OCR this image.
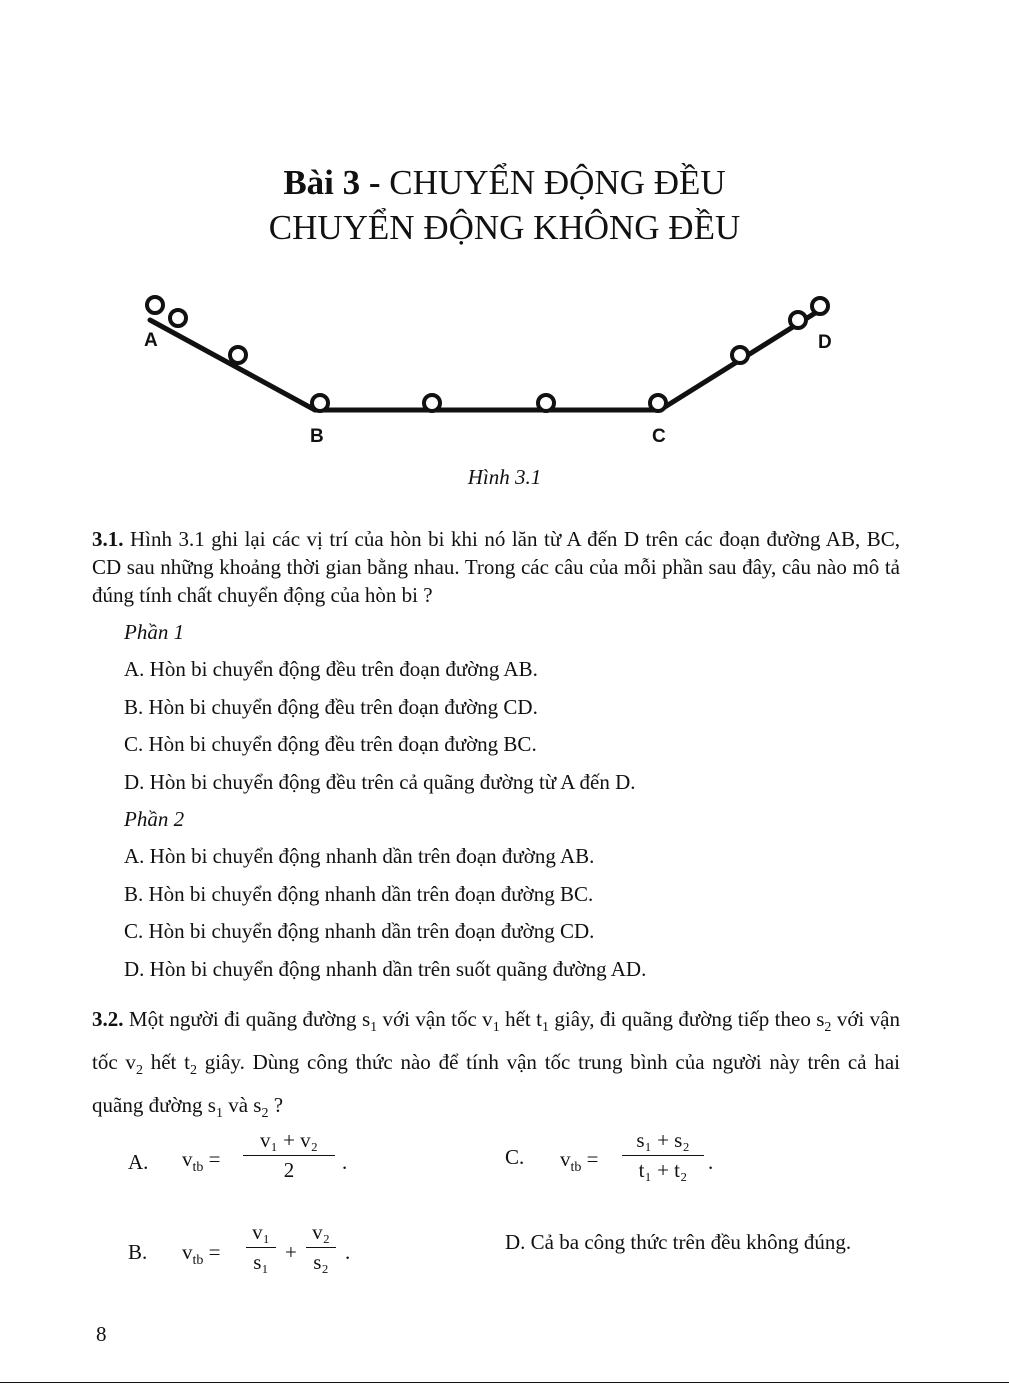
Bài 3 - CHUYỂN ĐỘNG ĐỀU
CHUYỂN ĐỘNG KHÔNG ĐỀU
A
B	C
D
Hình 3.1
3.1. Hình 3.1 ghi lại các vị trí của hòn bi khi nó lăn từ A đến D trên các đoạn đường AB, BC, CD sau những khoảng thời gian bằng nhau. Trong các câu của mỗi phần sau đây, câu nào mô tả đúng tính chất chuyển động của hòn bi ?
Phần 1
A. Hòn bi chuyển động đều trên đoạn đường AB.
B. Hòn bi chuyển động đều trên đoạn đường CD.
C. Hòn bi chuyển động đều trên đoạn đường BC.
D. Hòn bi chuyển động đều trên cả quãng đường từ A đến D.
Phần 2
A. Hòn bi chuyển động nhanh dần trên đoạn đường AB.
B. Hòn bi chuyển động nhanh dần trên đoạn đường BC.
C. Hòn bi chuyển động nhanh dần trên đoạn đường CD.
D. Hòn bi chuyển động nhanh dần trên suốt quãng đường AD.
3.2. Một người đi quãng đường $s_1$ với vận tốc $v_1$ hết $t_1$ giây, đi quãng đường tiếp theo $s_2$ với vận tốc $v_2$ hết $t_2$ giây. Dùng công thức nào để tính vận tốc trung bình của người này trên cả hai quãng đường $s_1$ và $s_2$ ?
A. $v_{tb}$ =
v₁ + v₂
2	.	C. $v_{tb}$ =
s₁ + s₂
t₁ + t₂ .
B. $v_{tb}$ =
v₁
s₁ +
v₂
s₂ .	D. Cả ba công thức trên đều không đúng.
8
